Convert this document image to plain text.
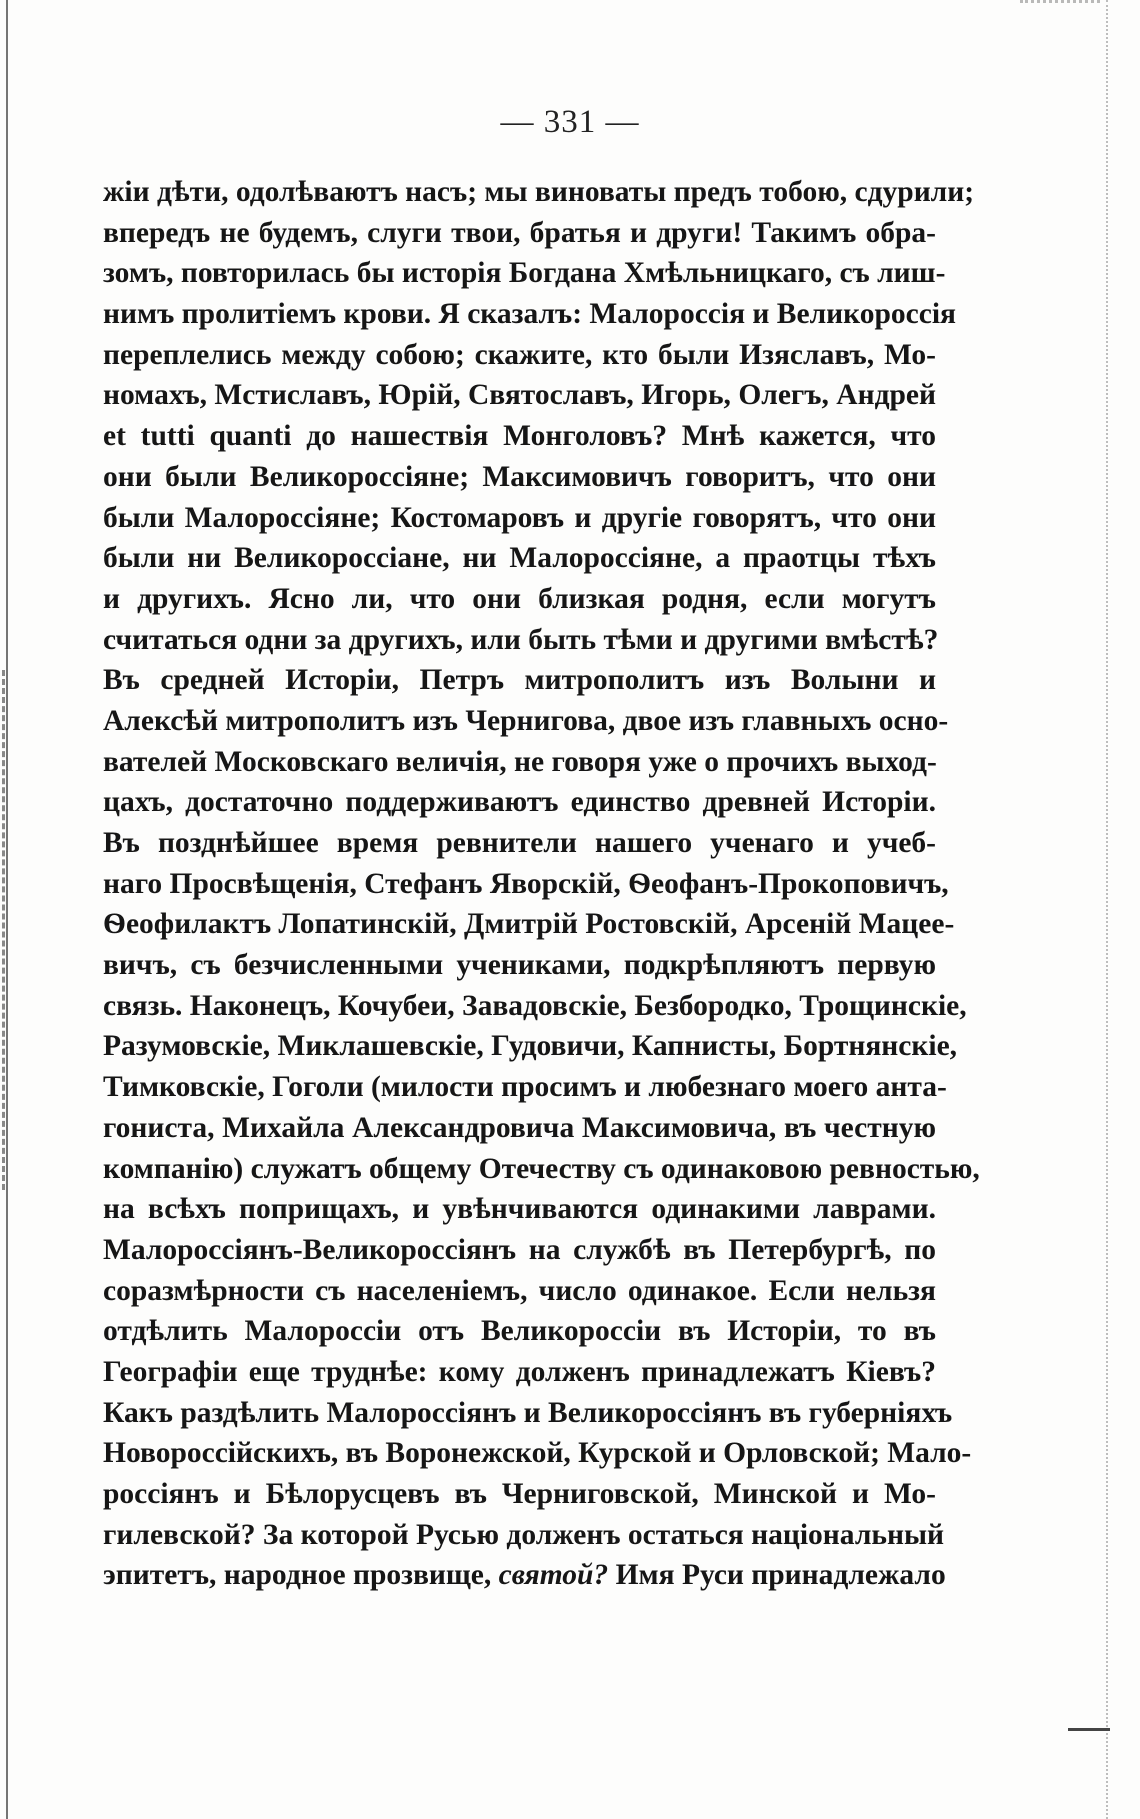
— 331 —
жіи дѣти, одолѣваютъ насъ; мы виноваты предъ тобою, сдурили;
впередъ не будемъ, слуги твои, братья и други! Такимъ обра-
зомъ, повторилась бы исторія Богдана Хмѣльницкаго, съ лиш-
нимъ пролитіемъ крови. Я сказалъ: Малороссія и Великороссія
переплелись между собою; скажите, кто были Изяславъ, Мо-
номахъ, Мстиславъ, Юрій, Святославъ, Игорь, Олегъ, Андрей
et tutti quanti до нашествія Монголовъ? Мнѣ кажется, что
они были Великороссіяне; Максимовичъ говоритъ, что они
были Малороссіяне; Костомаровъ и другіе говорятъ, что они
были ни Великороссіане, ни Малороссіяне, а праотцы тѣхъ
и другихъ. Ясно ли, что они близкая родня, если могутъ
считаться одни за другихъ, или быть тѣми и другими вмѣстѣ?
Въ средней Исторіи, Петръ митрополитъ изъ Волыни и
Алексѣй митрополитъ изъ Чернигова, двое изъ главныхъ осно-
вателей Московскаго величія, не говоря уже о прочихъ выход-
цахъ, достаточно поддерживаютъ единство древней Исторіи.
Въ позднѣйшее время ревнители нашего ученаго и учеб-
наго Просвѣщенія, Стефанъ Яворскій, Ѳеофанъ-Прокоповичъ,
Ѳеофилактъ Лопатинскій, Дмитрій Ростовскій, Арсеній Мацее-
вичъ, съ безчисленными учениками, подкрѣпляютъ первую
связь. Наконецъ, Кочубеи, Завадовскіе, Безбородко, Трощинскіе,
Разумовскіе, Миклашевскіе, Гудовичи, Капнисты, Бортнянскіе,
Тимковскіе, Гоголи (милости просимъ и любезнаго моего анта-
гониста, Михайла Александровича Максимовича, въ честную
компанію) служатъ общему Отечеству съ одинаковою ревностью,
на всѣхъ поприщахъ, и увѣнчиваются одинакими лаврами.
Малороссіянъ-Великороссіянъ на службѣ въ Петербургѣ, по
соразмѣрности съ населеніемъ, число одинакое. Если нельзя
отдѣлить Малороссіи отъ Великороссіи въ Исторіи, то въ
Географіи еще труднѣе: кому долженъ принадлежатъ Кіевъ?
Какъ раздѣлить Малороссіянъ и Великороссіянъ въ губерніяхъ
Новороссійскихъ, въ Воронежской, Курской и Орловской; Мало-
россіянъ и Бѣлорусцевъ въ Черниговской, Минской и Мо-
гилевской? За которой Русью долженъ остаться національный
эпитетъ, народное прозвище, святой? Имя Руси принадлежало
